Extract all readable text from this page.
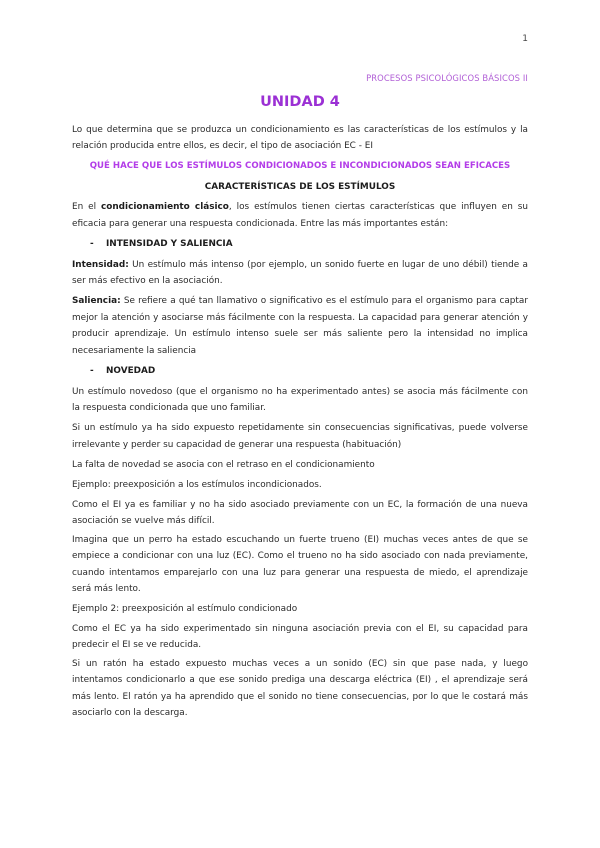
1
PROCESOS PSICOLÓGICOS BÁSICOS II
UNIDAD 4

Lo que determina que se produzca un condicionamiento es las características de los estímulos y la relación producida entre ellos, es decir, el tipo de asociación EC - EI

QUÉ HACE QUE LOS ESTÍMULOS CONDICIONADOS E INCONDICIONADOS SEAN EFICACES
CARACTERÍSTICAS DE LOS ESTÍMULOS

En el condicionamiento clásico, los estímulos tienen ciertas características que influyen en su eficacia para generar una respuesta condicionada. Entre las más importantes están:

- INTENSIDAD Y SALIENCIA

Intensidad: Un estímulo más intenso (por ejemplo, un sonido fuerte en lugar de uno débil) tiende a ser más efectivo en la asociación.

Saliencia: Se refiere a qué tan llamativo o significativo es el estímulo para el organismo para captar mejor la atención y asociarse más fácilmente con la respuesta. La capacidad para generar atención y producir aprendizaje. Un estímulo intenso suele ser más saliente pero la intensidad no implica necesariamente la saliencia

- NOVEDAD

Un estímulo novedoso (que el organismo no ha experimentado antes) se asocia más fácilmente con la respuesta condicionada que uno familiar.

Si un estímulo ya ha sido expuesto repetidamente sin consecuencias significativas, puede volverse irrelevante y perder su capacidad de generar una respuesta (habituación)

La falta de novedad se asocia con el retraso en el condicionamiento

Ejemplo: preexposición a los estímulos incondicionados.

Como el EI ya es familiar y no ha sido asociado previamente con un EC, la formación de una nueva asociación se vuelve más difícil.

Imagina que un perro ha estado escuchando un fuerte trueno (EI) muchas veces antes de que se empiece a condicionar con una luz (EC). Como el trueno no ha sido asociado con nada previamente, cuando intentamos emparejarlo con una luz para generar una respuesta de miedo, el aprendizaje será más lento.

Ejemplo 2: preexposición al estímulo condicionado

Como el EC ya ha sido experimentado sin ninguna asociación previa con el EI, su capacidad para predecir el EI se ve reducida.

Si un ratón ha estado expuesto muchas veces a un sonido (EC) sin que pase nada, y luego intentamos condicionarlo a que ese sonido prediga una descarga eléctrica (EI) , el aprendizaje será más lento. El ratón ya ha aprendido que el sonido no tiene consecuencias, por lo que le costará más asociarlo con la descarga.
